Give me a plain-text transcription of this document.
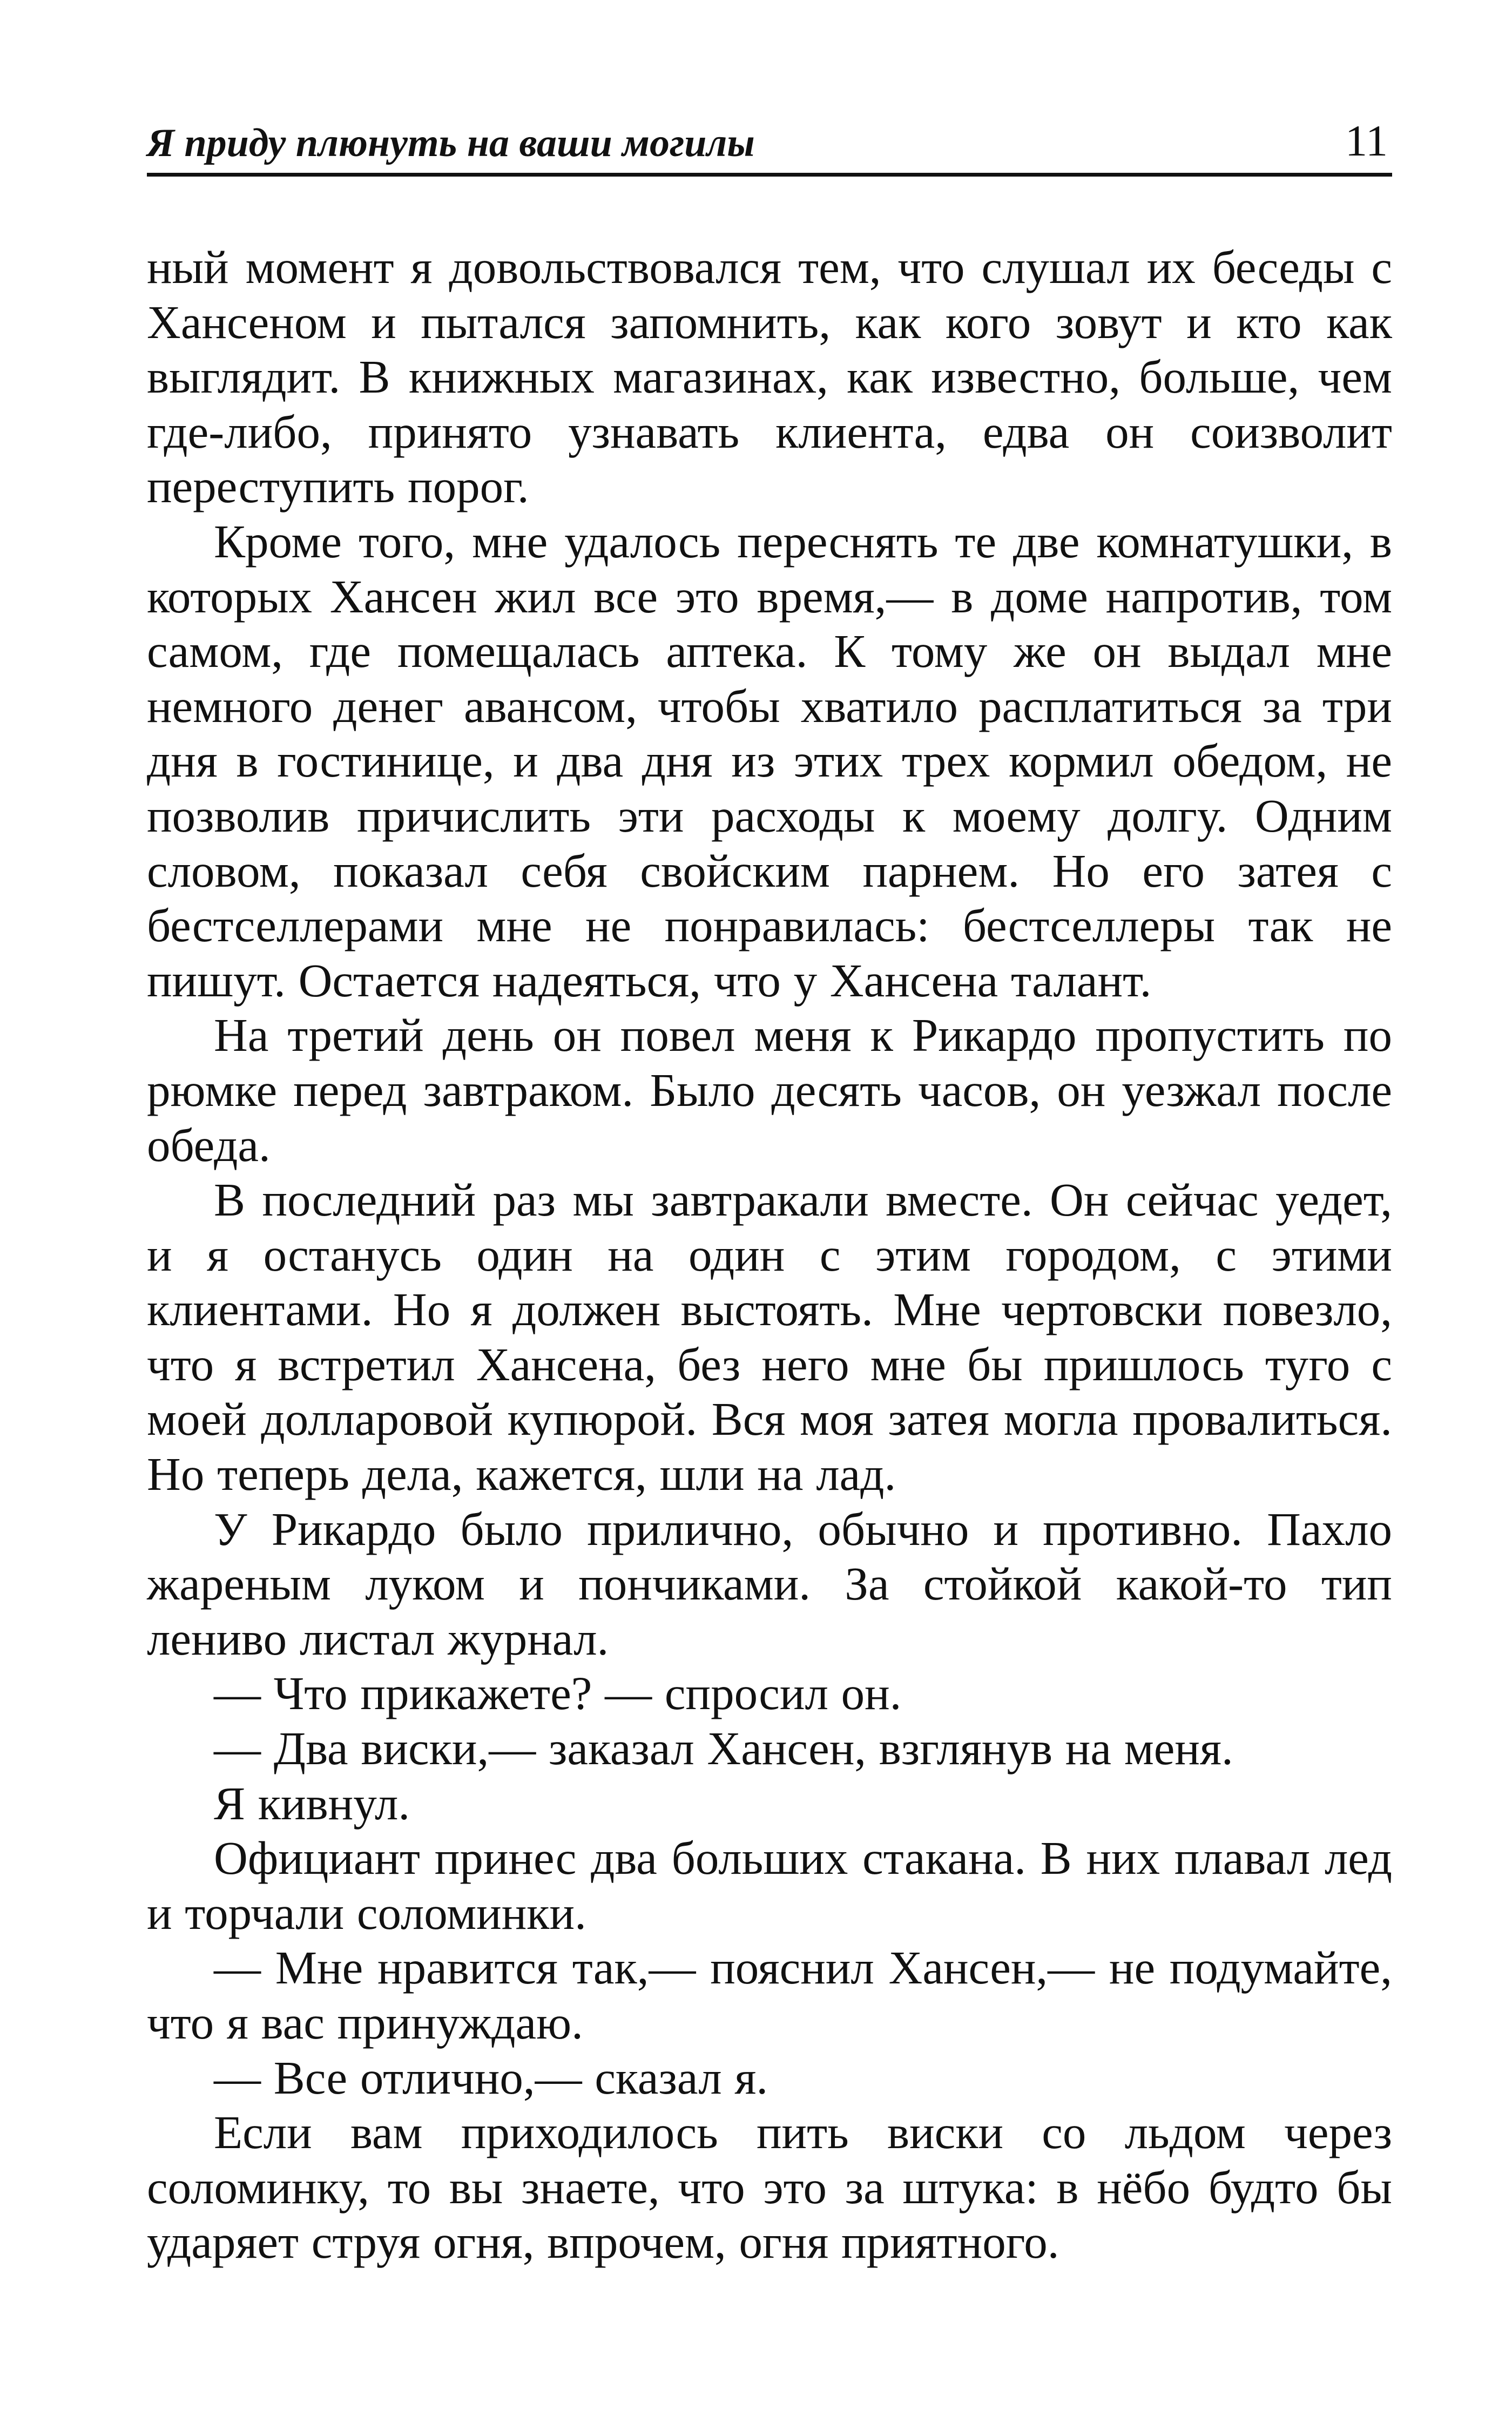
Я приду плюнуть на ваши могилы	11

ный момент я довольствовался тем, что слушал их беседы с Хансеном и пытался запомнить, как кого зовут и кто как выглядит. В книжных магазинах, как известно, больше, чем где-либо, принято узнавать клиента, едва он соизволит переступить порог.

Кроме того, мне удалось переснять те две комнатушки, в которых Хансен жил все это время,— в доме напротив, том самом, где помещалась аптека. К тому же он выдал мне немного денег авансом, чтобы хватило расплатиться за три дня в гостинице, и два дня из этих трех кормил обедом, не позволив причислить эти расходы к моему долгу. Одним словом, показал себя свойским парнем. Но его затея с бестселлерами мне не понравилась: бестселлеры так не пишут. Остается надеяться, что у Хансена талант.

На третий день он повел меня к Рикардо пропустить по рюмке перед завтраком. Было десять часов, он уезжал после обеда.

В последний раз мы завтракали вместе. Он сейчас уедет, и я останусь один на один с этим городом, с этими клиентами. Но я должен выстоять. Мне чертовски повезло, что я встретил Хансена, без него мне бы пришлось туго с моей долларовой купюрой. Вся моя затея могла провалиться. Но теперь дела, кажется, шли на лад.

У Рикардо было прилично, обычно и противно. Пахло жареным луком и пончиками. За стойкой какой-то тип лениво листал журнал.

— Что прикажете? — спросил он.

— Два виски,— заказал Хансен, взглянув на меня.

Я кивнул.

Официант принес два больших стакана. В них плавал лед и торчали соломинки.

— Мне нравится так,— пояснил Хансен,— не подумайте, что я вас принуждаю.

— Все отлично,— сказал я.

Если вам приходилось пить виски со льдом через соломинку, то вы знаете, что это за штука: в нёбо будто бы ударяет струя огня, впрочем, огня приятного.
